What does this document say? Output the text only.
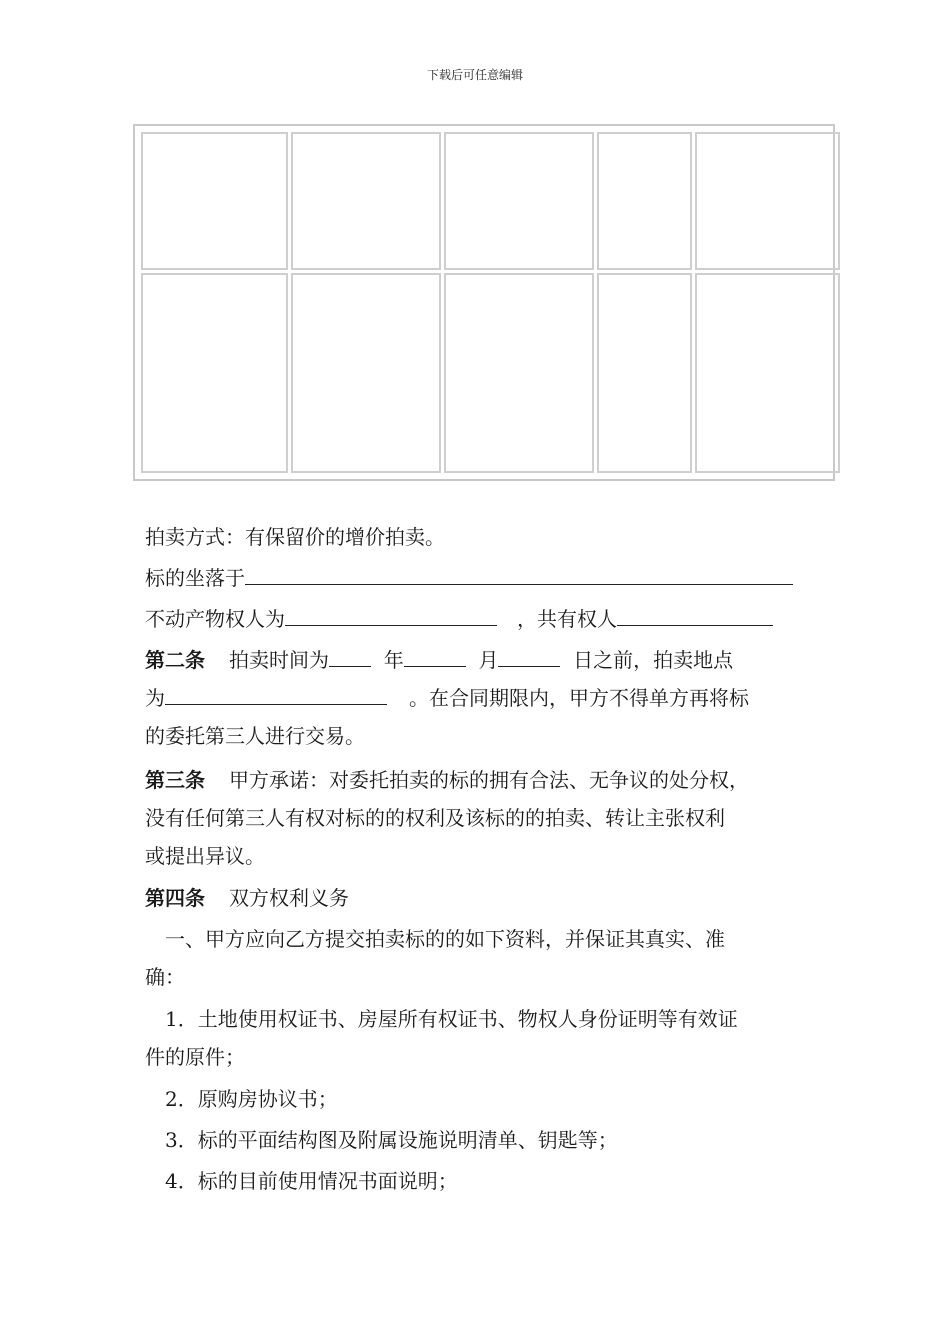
下载后可任意编辑

拍卖方式：有保留价的增价拍卖。
标的坐落于
不动产物权人为	，共有权人
第二条 拍卖时间为	年	月	日之前，拍卖地点
为	。在合同期限内，甲方不得单方再将标
的委托第三人进行交易。
第三条 甲方承诺：对委托拍卖的标的拥有合法、无争议的处分权，
没有任何第三人有权对标的的权利及该标的的拍卖、转让主张权利
或提出异议。
第四条 双方权利义务
一、甲方应向乙方提交拍卖标的的如下资料，并保证其真实、准
确：
1．土地使用权证书、房屋所有权证书、物权人身份证明等有效证
件的原件；
2．原购房协议书；
3．标的平面结构图及附属设施说明清单、钥匙等；
4．标的目前使用情况书面说明；
